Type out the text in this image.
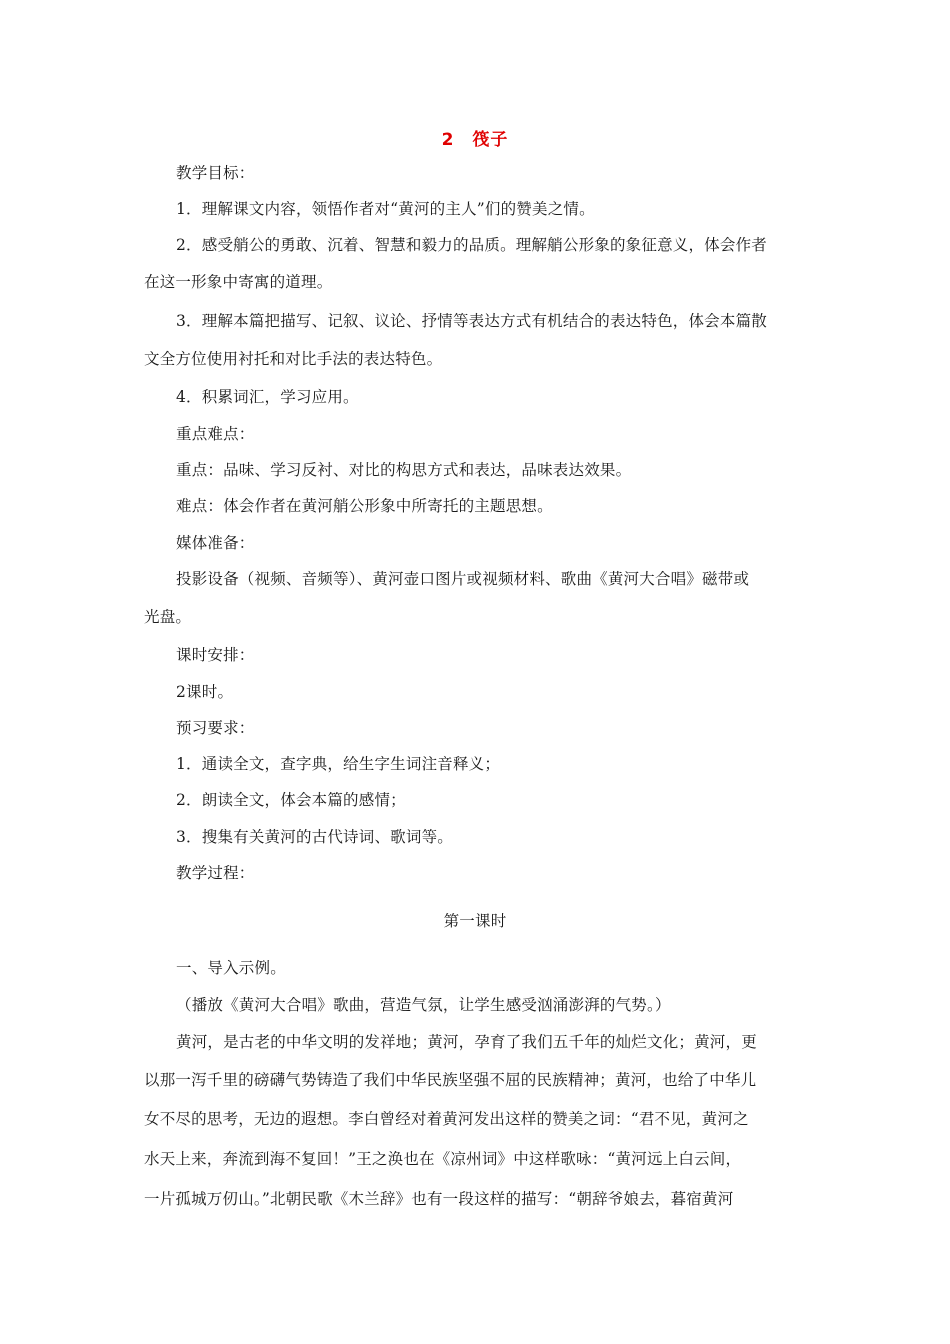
2　筏子
教学目标：
1．理解课文内容，领悟作者对“黄河的主人”们的赞美之情。
2．感受艄公的勇敢、沉着、智慧和毅力的品质。理解艄公形象的象征意义，体会作者
在这一形象中寄寓的道理。
3．理解本篇把描写、记叙、议论、抒情等表达方式有机结合的表达特色，体会本篇散
文全方位使用衬托和对比手法的表达特色。
4．积累词汇，学习应用。
重点难点：
重点：品味、学习反衬、对比的构思方式和表达，品味表达效果。
难点：体会作者在黄河艄公形象中所寄托的主题思想。
媒体准备：
投影设备（视频、音频等）、黄河壶口图片或视频材料、歌曲《黄河大合唱》磁带或
光盘。
课时安排：
2课时。
预习要求：
1．通读全文，查字典，给生字生词注音释义；
2．朗读全文，体会本篇的感情；
3．搜集有关黄河的古代诗词、歌词等。
教学过程：
第一课时
一、导入示例。
（播放《黄河大合唱》歌曲，营造气氛，让学生感受汹涌澎湃的气势。）
黄河，是古老的中华文明的发祥地；黄河，孕育了我们五千年的灿烂文化；黄河，更
以那一泻千里的磅礴气势铸造了我们中华民族坚强不屈的民族精神；黄河，也给了中华儿
女不尽的思考，无边的遐想。李白曾经对着黄河发出这样的赞美之词：“君不见，黄河之
水天上来，奔流到海不复回！”王之涣也在《凉州词》中这样歌咏：“黄河远上白云间，
一片孤城万仞山。”北朝民歌《木兰辞》也有一段这样的描写：“朝辞爷娘去，暮宿黄河
